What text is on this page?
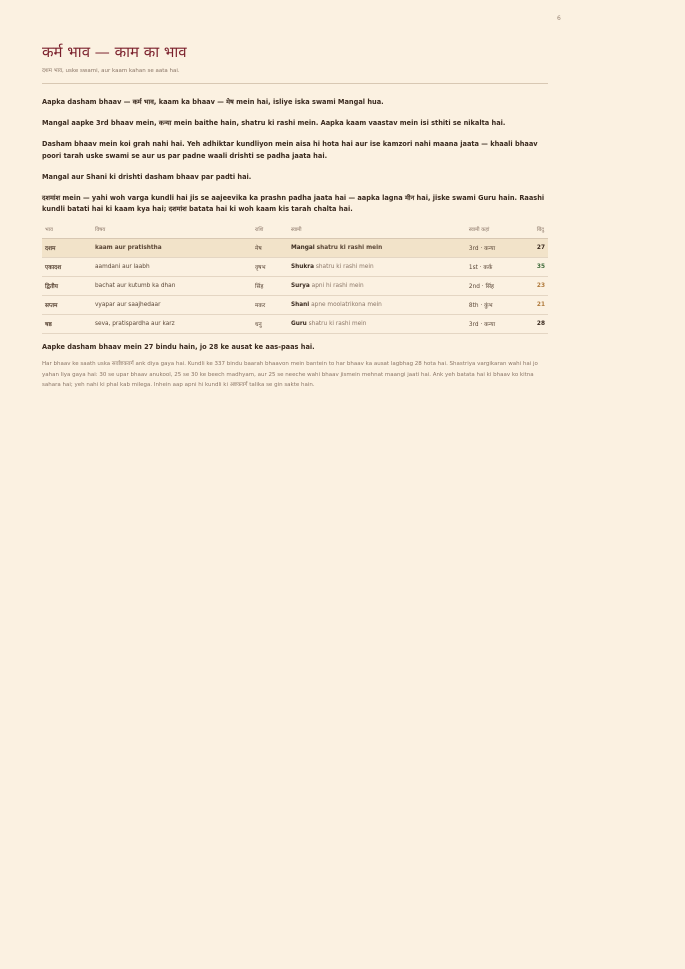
6
कर्म भाव — काम का भाव
दशम भाव, uske swami, aur kaam kahan se aata hai.

Aapka dasham bhaav — कर्म भाव, kaam ka bhaav — मेष mein hai, isliye iska swami Mangal hua.

Mangal aapke 3rd bhaav mein, कन्या mein baithe hain, shatru ki rashi mein. Aapka kaam vaastav mein isi sthiti se nikalta hai.

Dasham bhaav mein koi grah nahi hai. Yeh adhiktar kundliyon mein aisa hi hota hai aur ise kamzori nahi maana jaata — khaali bhaav poori tarah uske swami se aur us par padne waali drishti se padha jaata hai.

Mangal aur Shani ki drishti dasham bhaav par padti hai.

दशमांश mein — yahi woh varga kundli hai jis se aajeevika ka prashn padha jaata hai — aapka lagna मीन hai, jiske swami Guru hain. Raashi kundli batati hai ki kaam kya hai; दशमांश batata hai ki woh kaam kis tarah chalta hai.

भाव	विषय	राशि	स्वामी	स्वामी कहां	बिंदु
दशम	kaam aur pratishtha	मेष	Mangal shatru ki rashi mein	3rd · कन्या	27
एकादश	aamdani aur laabh	वृषभ	Shukra shatru ki rashi mein	1st · कर्क	35
द्वितीय	bachat aur kutumb ka dhan	सिंह	Surya apni hi rashi mein	2nd · सिंह	23
सप्तम	vyapar aur saajhedaar	मकर	Shani apne moolatrikona mein	8th · कुंभ	21
षष्ठ	seva, pratispardha aur karz	धनु	Guru shatru ki rashi mein	3rd · कन्या	28

Aapke dasham bhaav mein 27 bindu hain, jo 28 ke ausat ke aas-paas hai.

Har bhaav ke saath uska सर्वाष्टकवर्ग ank diya gaya hai. Kundli ke 337 bindu baarah bhaavon mein bantein to har bhaav ka ausat lagbhag 28 hota hai. Shastriya vargikaran wahi hai jo yahan liya gaya hai: 30 se upar bhaav anukool, 25 se 30 ke beech madhyam, aur 25 se neeche wahi bhaav jismein mehnat maangi jaati hai. Ank yeh batata hai ki bhaav ko kitna sahara hai; yeh nahi ki phal kab milega. Inhein aap apni hi kundli ki अष्टकवर्ग talika se gin sakte hain.
